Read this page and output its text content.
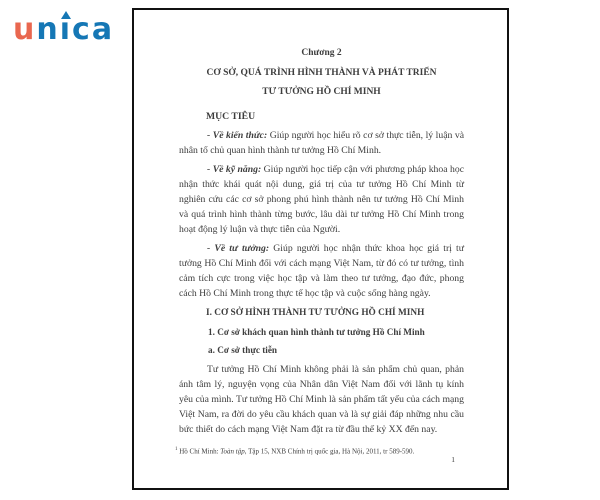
u n ı c a
Chương 2
CƠ SỞ, QUÁ TRÌNH HÌNH THÀNH VÀ PHÁT TRIỂN
TƯ TƯỞNG HỒ CHÍ MINH
MỤC TIÊU

- Về kiến thức: Giúp người học hiểu rõ cơ sở thực tiễn, lý luận và nhân tố chủ quan hình thành tư tưởng Hồ Chí Minh.

- Về kỹ năng: Giúp người học tiếp cận với phương pháp khoa học nhận thức khái quát nội dung, giá trị của tư tưởng Hồ Chí Minh từ nghiên cứu các cơ sở phong phú hình thành nên tư tưởng Hồ Chí Minh và quá trình hình thành từng bước, lâu dài tư tưởng Hồ Chí Minh trong hoạt động lý luận và thực tiễn của Người.

- Về tư tưởng: Giúp người học nhận thức khoa học giá trị tư tưởng Hồ Chí Minh đối với cách mạng Việt Nam, từ đó có tư tưởng, tình cảm tích cực trong việc học tập và làm theo tư tưởng, đạo đức, phong cách Hồ Chí Minh trong thực tế học tập và cuộc sống hàng ngày.

I. CƠ SỞ HÌNH THÀNH TƯ TƯỞNG HỒ CHÍ MINH
1. Cơ sở khách quan hình thành tư tưởng Hồ Chí Minh
a. Cơ sở thực tiễn

Tư tưởng Hồ Chí Minh không phải là sản phẩm chủ quan, phản ánh tâm lý, nguyện vọng của Nhân dân Việt Nam đối với lãnh tụ kính yêu của mình. Tư tưởng Hồ Chí Minh là sản phẩm tất yếu của cách mạng Việt Nam, ra đời do yêu cầu khách quan và là sự giải đáp những nhu cầu bức thiết do cách mạng Việt Nam đặt ra từ đầu thế kỷ XX đến nay.

$^1$ Hồ Chí Minh: Toàn tập, Tập 15, NXB Chính trị quốc gia, Hà Nội, 2011, tr 589-590.
1
